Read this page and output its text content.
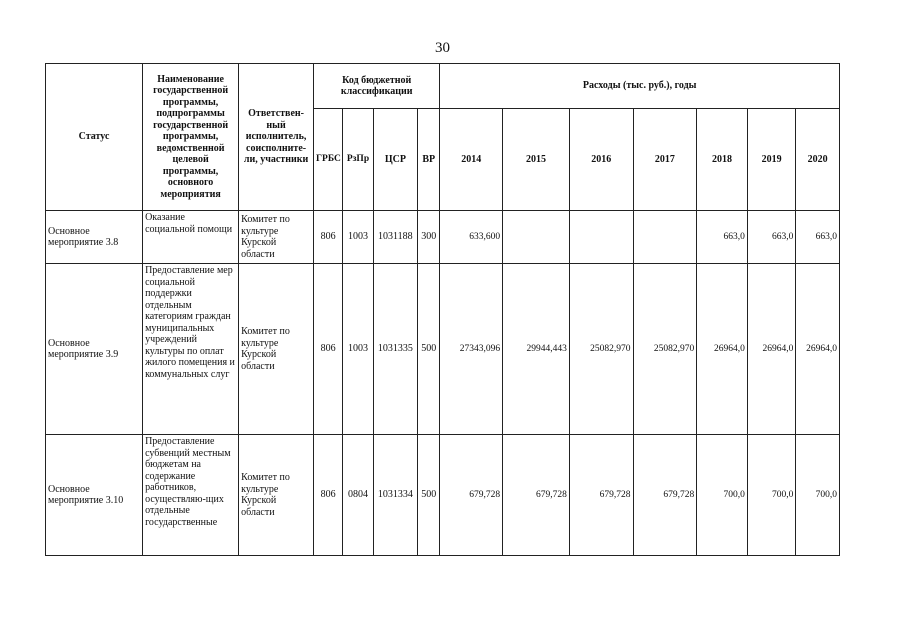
30
Статус	Наименование государственной программы, подпрограммы государственной программы, ведомственной целевой программы, основного мероприятия	Ответствен-ный исполнитель, соисполните-ли, участники	Код бюджетной классификации				Расходы (тыс. руб.), годы						
			ГРБС	РзПр	ЦСР	ВР	2014	2015	2016	2017	2018	2019	2020
Основное мероприятие 3.8	Оказание социальной помощи	Комитет по культуре Курской области	806	1003	1031188	300	633,600				663,0	663,0	663,0
Основное мероприятие 3.9	Предоставление мер социальной поддержки отдельным категориям граждан муниципальных учреждений культуры по оплат жилого помещения и коммунальных слуг	Комитет по культуре Курской области	806	1003	1031335	500	27343,096	29944,443	25082,970	25082,970	26964,0	26964,0	26964,0
Основное мероприятие 3.10	Предоставление субвенций местным бюджетам на содержание работников, осуществляю-щих отдельные государственные	Комитет по культуре Курской области	806	0804	1031334	500	679,728	679,728	679,728	679,728	700,0	700,0	700,0
